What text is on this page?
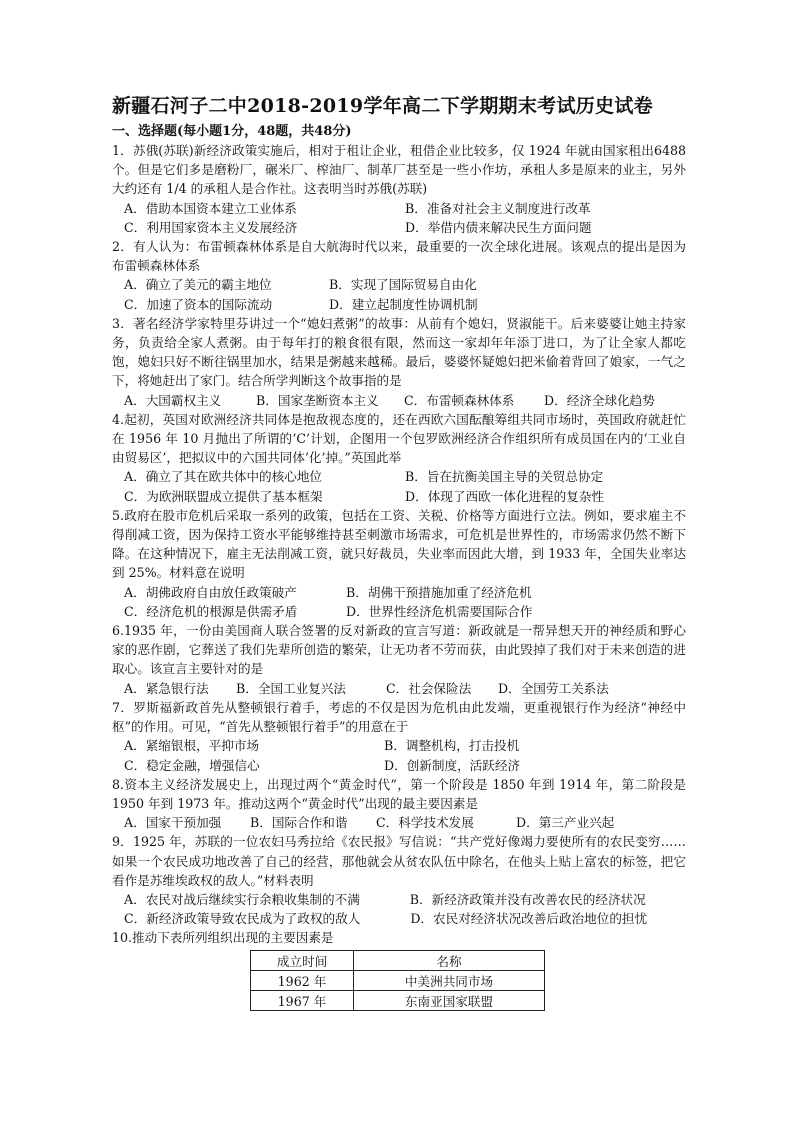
新疆石河子二中2018-2019学年高二下学期期末考试历史试卷
一、选择题(每小题1分，48题，共48分)

1．苏俄(苏联)新经济政策实施后，相对于租让企业，租借企业比较多，仅 1924 年就由国家租出6488个。但是它们多是磨粉厂，碾米厂、榨油厂、制革厂甚至是一些小作坊，承租人多是原来的业主，另外大约还有 1/4 的承租人是合作社。这表明当时苏俄(苏联)

A．借助本国资本建立工业体系	B．准备对社会主义制度进行改革
C．利用国家资本主义发展经济	D．举借内债来解决民生方面问题

2．有人认为：布雷顿森林体系是自大航海时代以来，最重要的一次全球化进展。该观点的提出是因为布雷顿森林体系

A．确立了美元的霸主地位	B．实现了国际贸易自由化
C．加速了资本的国际流动	D．建立起制度性协调机制

3．著名经济学家特里芬讲过一个“媳妇煮粥”的故事：从前有个媳妇，贤淑能干。后来婆婆让她主持家务，负责给全家人煮粥。由于每年打的粮食很有限，然而这一家却年年添丁进口，为了让全家人都吃饱，媳妇只好不断往锅里加水，结果是粥越来越稀。最后，婆婆怀疑媳妇把米偷着背回了娘家，一气之下，将她赶出了家门。结合所学判断这个故事指的是

A．大国霸权主义	B．国家垄断资本主义	C．布雷顿森林体系	D．经济全球化趋势

4.起初，英国对欧洲经济共同体是抱敌视态度的，还在西欧六国酝酿筹组共同市场时，英国政府就赶忙在 1956 年 10 月抛出了所谓的‘C’计划，企图用一个包罗欧洲经济合作组织所有成员国在内的‘工业自由贸易区’，把拟议中的六国共同体‘化’掉。”英国此举

A．确立了其在欧共体中的核心地位	B．旨在抗衡美国主导的关贸总协定
C．为欧洲联盟成立提供了基本框架	D．体现了西欧一体化进程的复杂性

5.政府在股市危机后采取一系列的政策，包括在工资、关税、价格等方面进行立法。例如，要求雇主不得削减工资，因为保持工资水平能够维持甚至刺激市场需求，可危机是世界性的，市场需求仍然不断下降。在这种情况下，雇主无法削减工资，就只好裁员，失业率而因此大增，到 1933 年，全国失业率达到 25%。材料意在说明

A．胡佛政府自由放任政策破产	B．胡佛干预措施加重了经济危机
C．经济危机的根源是供需矛盾	D．世界性经济危机需要国际合作

6.1935 年，一份由美国商人联合签署的反对新政的宣言写道：新政就是一帮异想天开的神经质和野心家的恶作剧，它葬送了我们先辈所创造的繁荣，让无功者不劳而获，由此毁掉了我们对于未来创造的进取心。该宣言主要针对的是

A．紧急银行法	B．全国工业复兴法	C．社会保险法	D．全国劳工关系法

7．罗斯福新政首先从整顿银行着手，考虑的不仅是因为危机由此发端，更重视银行作为经济“神经中枢”的作用。可见，“首先从整顿银行着手”的用意在于

A．紧缩银根，平抑市场	B．调整机构，打击投机
C．稳定金融，增强信心	D．创新制度，活跃经济

8.资本主义经济发展史上，出现过两个“黄金时代”，第一个阶段是 1850 年到 1914 年，第二阶段是 1950 年到 1973 年。推动这两个“黄金时代”出现的最主要因素是

A．国家干预加强	B．国际合作和谐	C．科学技术发展	D．第三产业兴起

9．1925 年，苏联的一位农妇马秀拉给《农民报》写信说：“共产党好像竭力要使所有的农民变穷……如果一个农民成功地改善了自己的经营，那他就会从贫农队伍中除名，在他头上贴上富农的标签，把它看作是苏维埃政权的敌人。”材料表明

A．农民对战后继续实行余粮收集制的不满	B．新经济政策并没有改善农民的经济状况

C．新经济政策导致农民成为了政权的敌人	D．农民对经济状况改善后政治地位的担忧

10.推动下表所列组织出现的主要因素是

成立时间	名称
1962 年	中美洲共同市场
1967 年	东南亚国家联盟
